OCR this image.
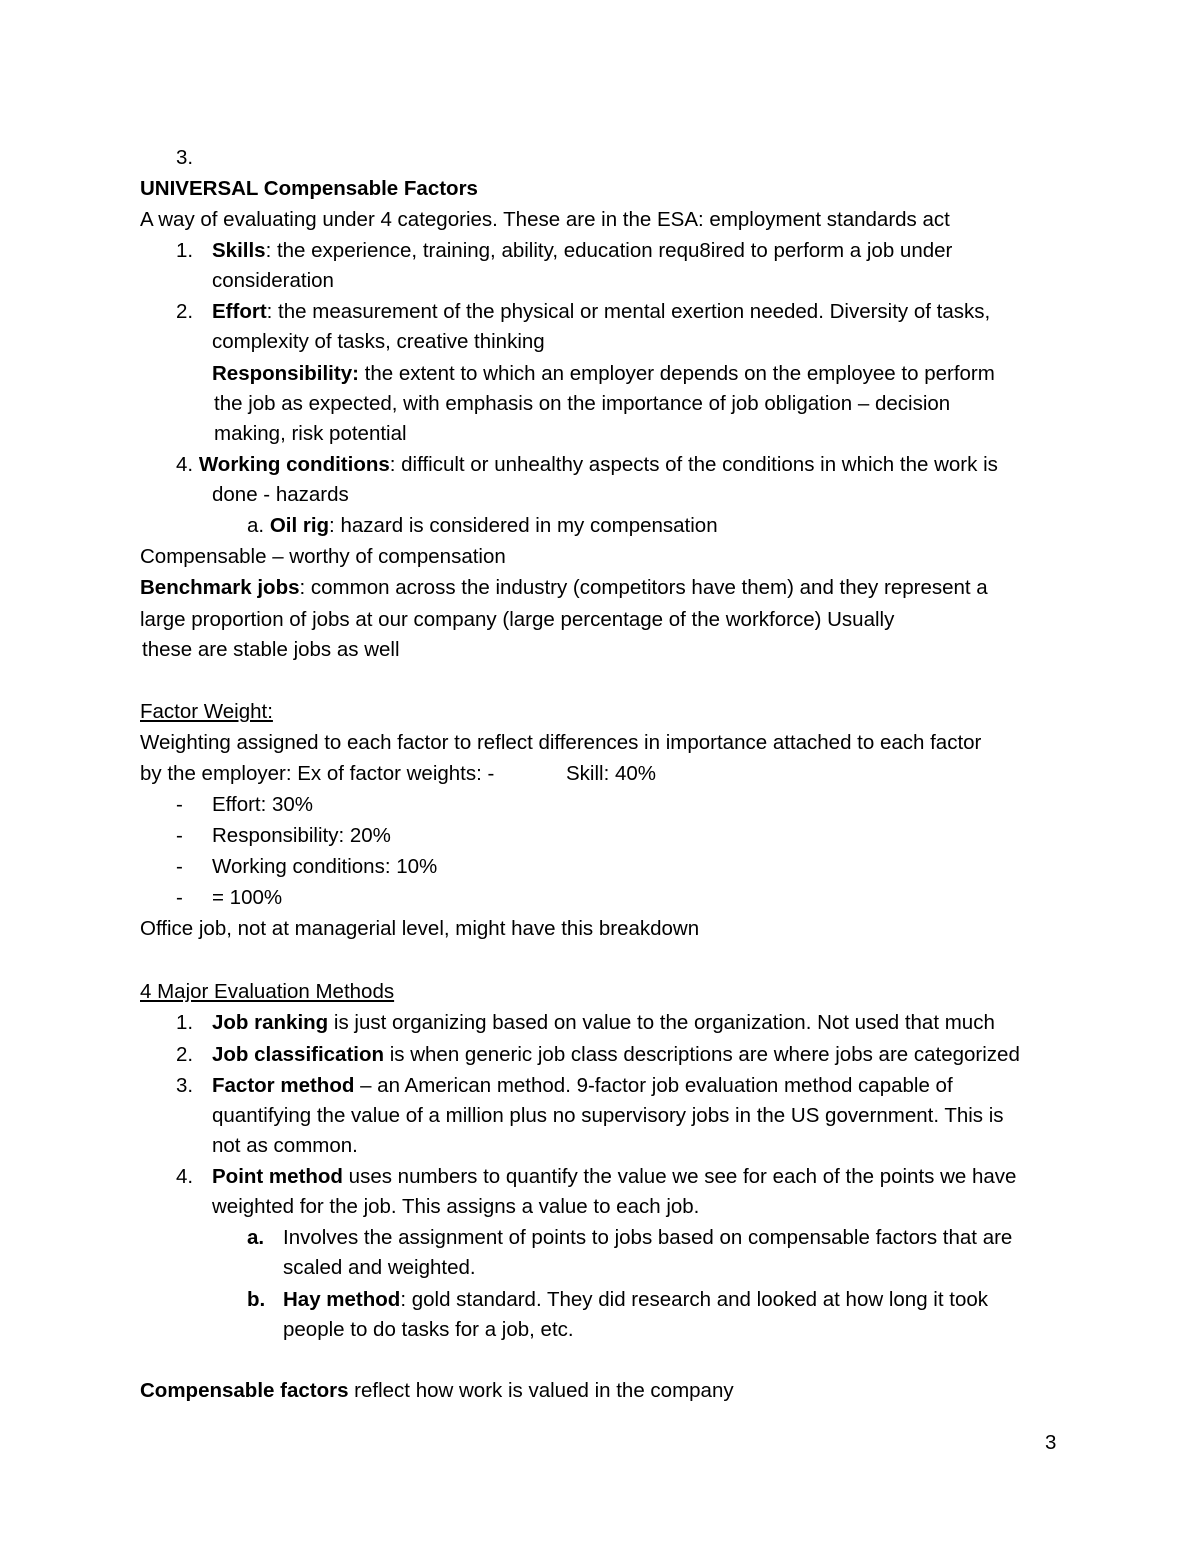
3.
UNIVERSAL Compensable Factors
A way of evaluating under 4 categories. These are in the ESA: employment standards act
1. Skills: the experience, training, ability, education requ8ired to perform a job under
consideration
2. Effort: the measurement of the physical or mental exertion needed. Diversity of tasks,
complexity of tasks, creative thinking
Responsibility: the extent to which an employer depends on the employee to perform
the job as expected, with emphasis on the importance of job obligation – decision
making, risk potential
4. Working conditions: difficult or unhealthy aspects of the conditions in which the work is
done - hazards
a. Oil rig: hazard is considered in my compensation
Compensable – worthy of compensation
Benchmark jobs: common across the industry (competitors have them) and they represent a
large proportion of jobs at our company (large percentage of the workforce) Usually
these are stable jobs as well
Factor Weight:
Weighting assigned to each factor to reflect differences in importance attached to each factor
by the employer: Ex of factor weights: -	Skill: 40%
- Effort: 30%
- Responsibility: 20%
- Working conditions: 10%
- = 100%
Office job, not at managerial level, might have this breakdown
4 Major Evaluation Methods
1. Job ranking is just organizing based on value to the organization. Not used that much
2. Job classification is when generic job class descriptions are where jobs are categorized
3. Factor method – an American method. 9-factor job evaluation method capable of
quantifying the value of a million plus no supervisory jobs in the US government. This is
not as common.
4. Point method uses numbers to quantify the value we see for each of the points we have
weighted for the job. This assigns a value to each job.
a. Involves the assignment of points to jobs based on compensable factors that are
scaled and weighted.
b. Hay method: gold standard. They did research and looked at how long it took
people to do tasks for a job, etc.
Compensable factors reflect how work is valued in the company
3
